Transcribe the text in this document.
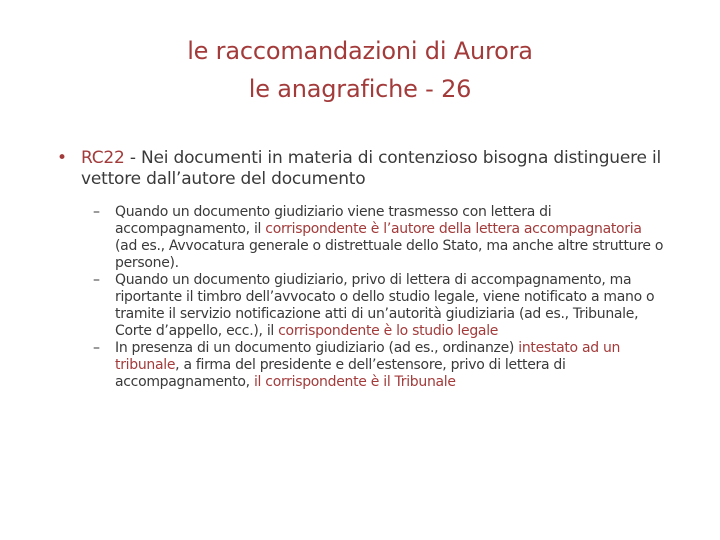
le raccomandazioni di Aurora
le anagrafiche - 26
• RC22 - Nei documenti in materia di contenzioso bisogna distinguere il vettore dall’autore del documento
– Quando un documento giudiziario viene trasmesso con lettera di accompagnamento, il corrispondente è l’autore della lettera accompagnatoria (ad es., Avvocatura generale o distrettuale dello Stato, ma anche altre strutture o persone).
– Quando un documento giudiziario, privo di lettera di accompagnamento, ma riportante il timbro dell’avvocato o dello studio legale, viene notificato a mano o tramite il servizio notificazione atti di un’autorità giudiziaria (ad es., Tribunale, Corte d’appello, ecc.), il corrispondente è lo studio legale
– In presenza di un documento giudiziario (ad es., ordinanze) intestato ad un tribunale, a firma del presidente e dell’estensore, privo di lettera di accompagnamento, il corrispondente è il Tribunale
